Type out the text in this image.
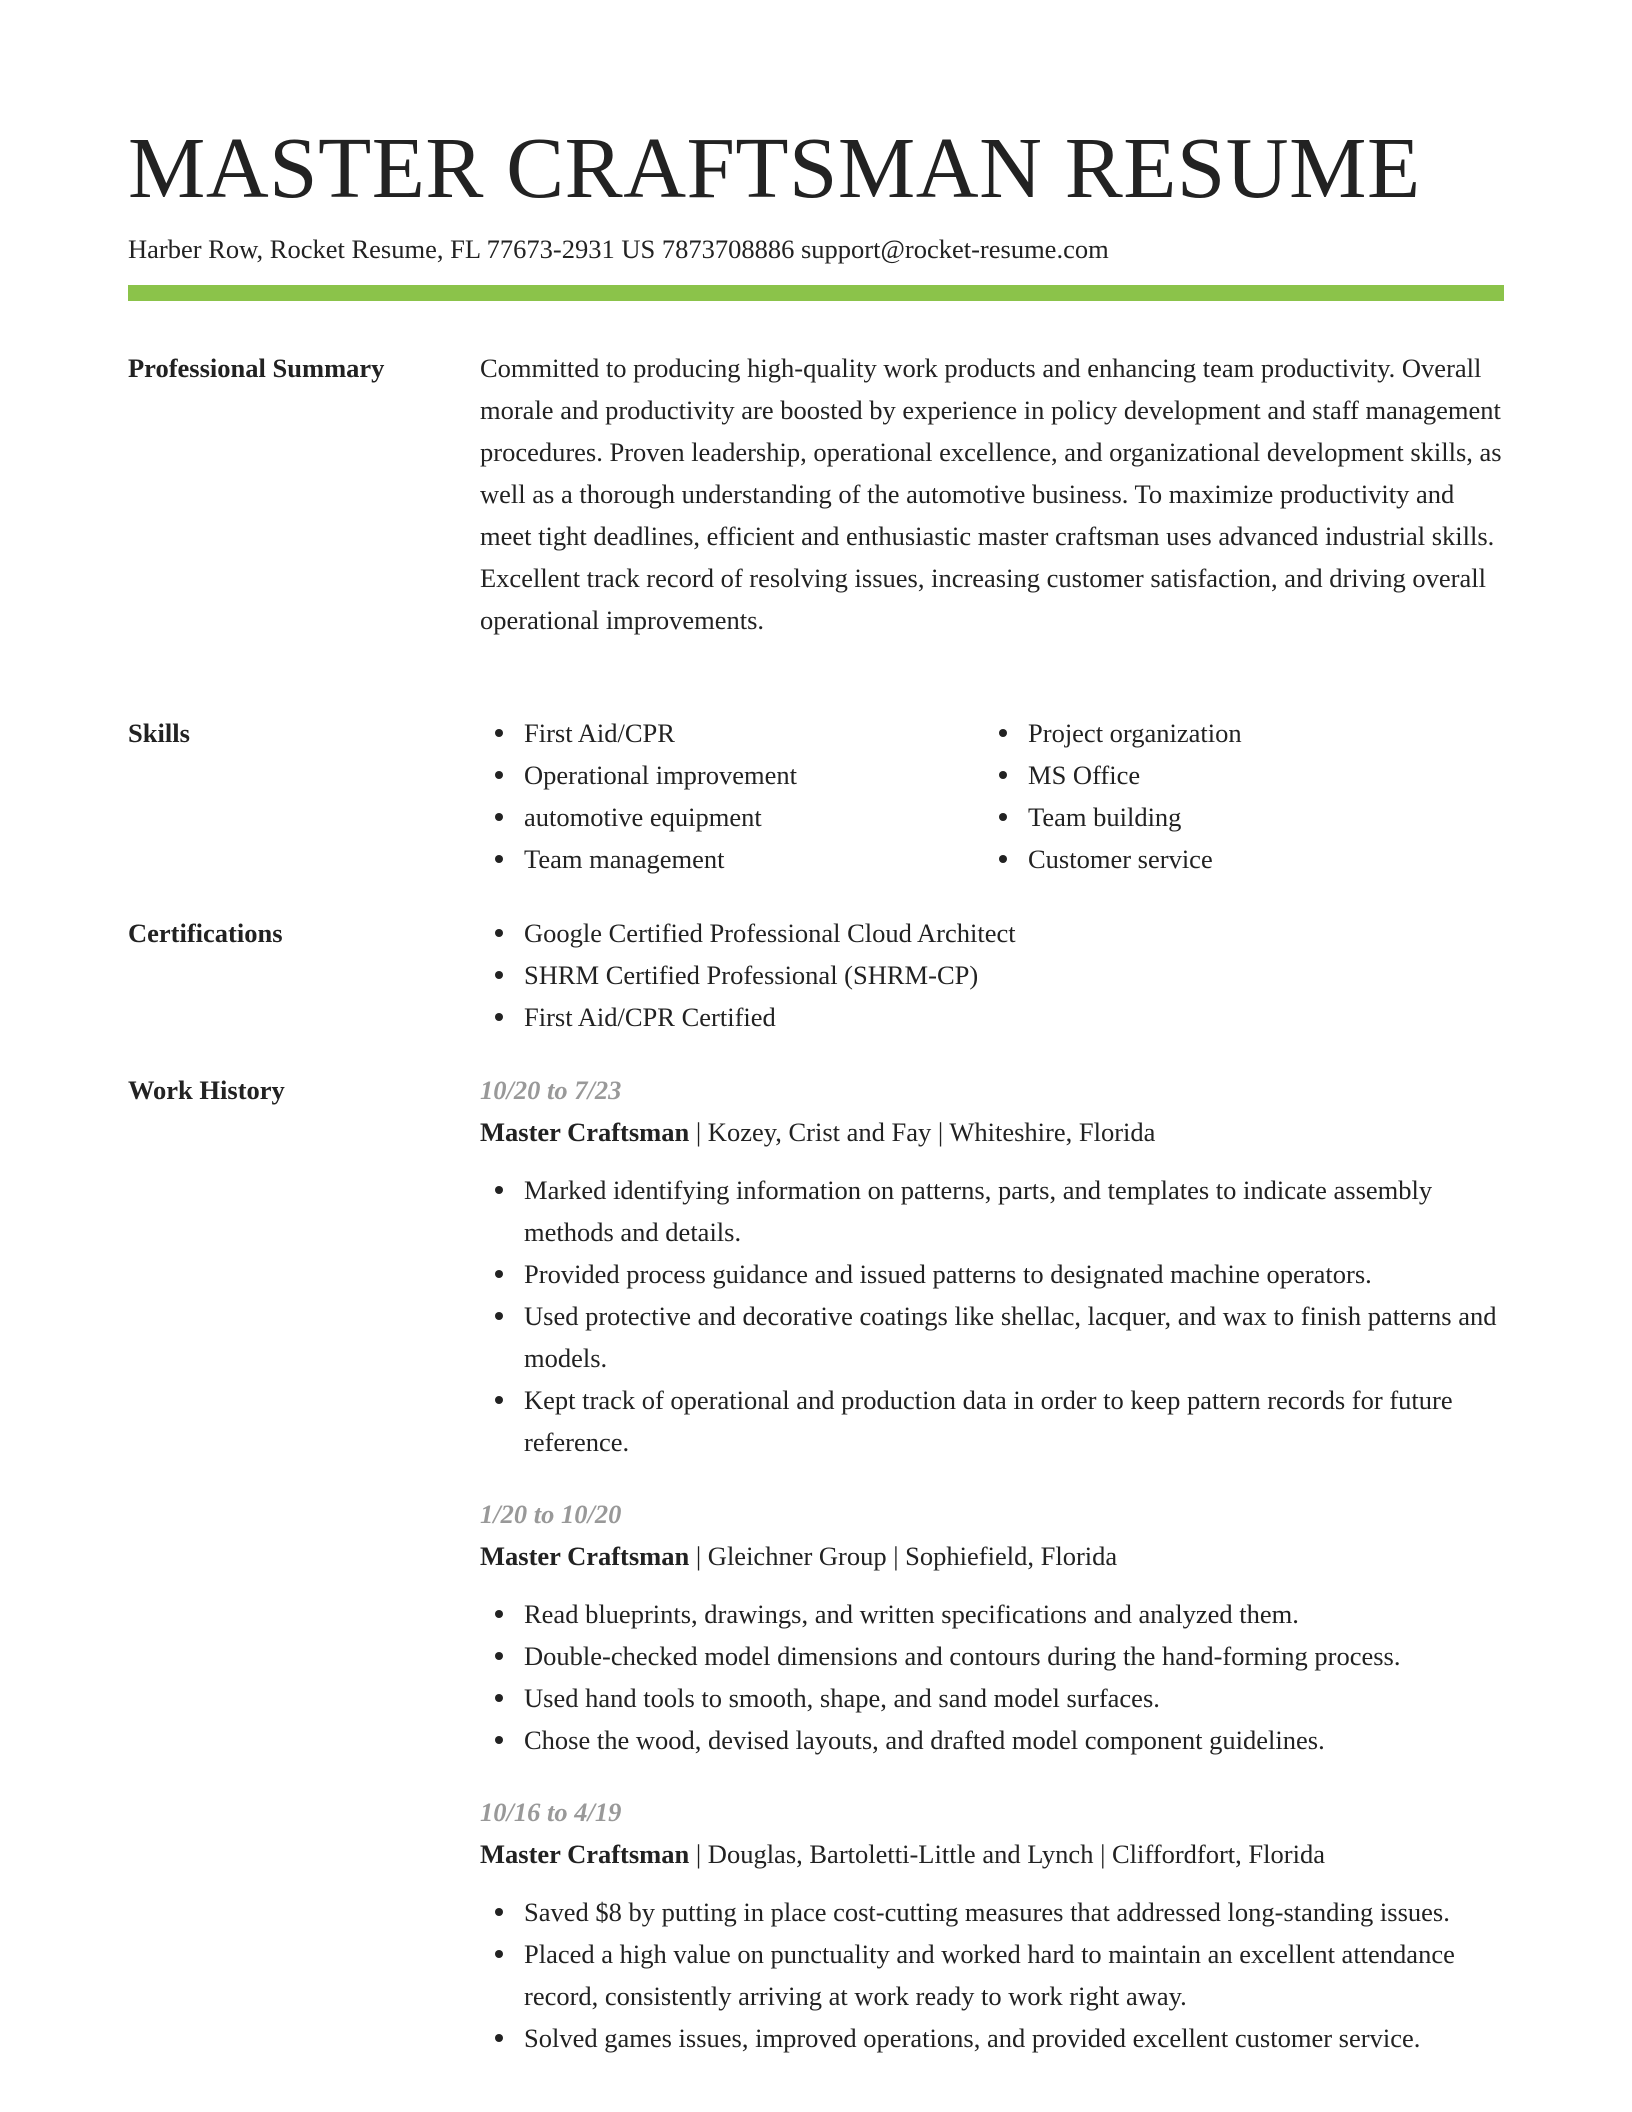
MASTER CRAFTSMAN RESUME
Harber Row, Rocket Resume, FL 77673-2931 US 7873708886 support@rocket-resume.com
Professional Summary	Committed to producing high-quality work products and enhancing team productivity. Overall morale and productivity are boosted by experience in policy development and staff management procedures. Proven leadership, operational excellence, and organizational development skills, as well as a thorough understanding of the automotive business. To maximize productivity and meet tight deadlines, efficient and enthusiastic master craftsman uses advanced industrial skills. Excellent track record of resolving issues, increasing customer satisfaction, and driving overall operational improvements.

Skills	First Aid/CPR
Operational improvement
automotive equipment
Team management
Project organization
MS Office
Team building
Customer service
Certifications	Google Certified Professional Cloud Architect
SHRM Certified Professional (SHRM-CP)
First Aid/CPR Certified
Work History	10/20 to 7/23
Master Craftsman | Kozey, Crist and Fay | Whiteshire, Florida
Marked identifying information on patterns, parts, and templates to indicate assembly methods and details.
Provided process guidance and issued patterns to designated machine operators.
Used protective and decorative coatings like shellac, lacquer, and wax to finish patterns and models.
Kept track of operational and production data in order to keep pattern records for future reference.
1/20 to 10/20
Master Craftsman | Gleichner Group | Sophiefield, Florida
Read blueprints, drawings, and written specifications and analyzed them.
Double-checked model dimensions and contours during the hand-forming process.
Used hand tools to smooth, shape, and sand model surfaces.
Chose the wood, devised layouts, and drafted model component guidelines.
10/16 to 4/19
Master Craftsman | Douglas, Bartoletti-Little and Lynch | Cliffordfort, Florida
Saved $8 by putting in place cost-cutting measures that addressed long-standing issues.
Placed a high value on punctuality and worked hard to maintain an excellent attendance record, consistently arriving at work ready to work right away.
Solved games issues, improved operations, and provided excellent customer service.
